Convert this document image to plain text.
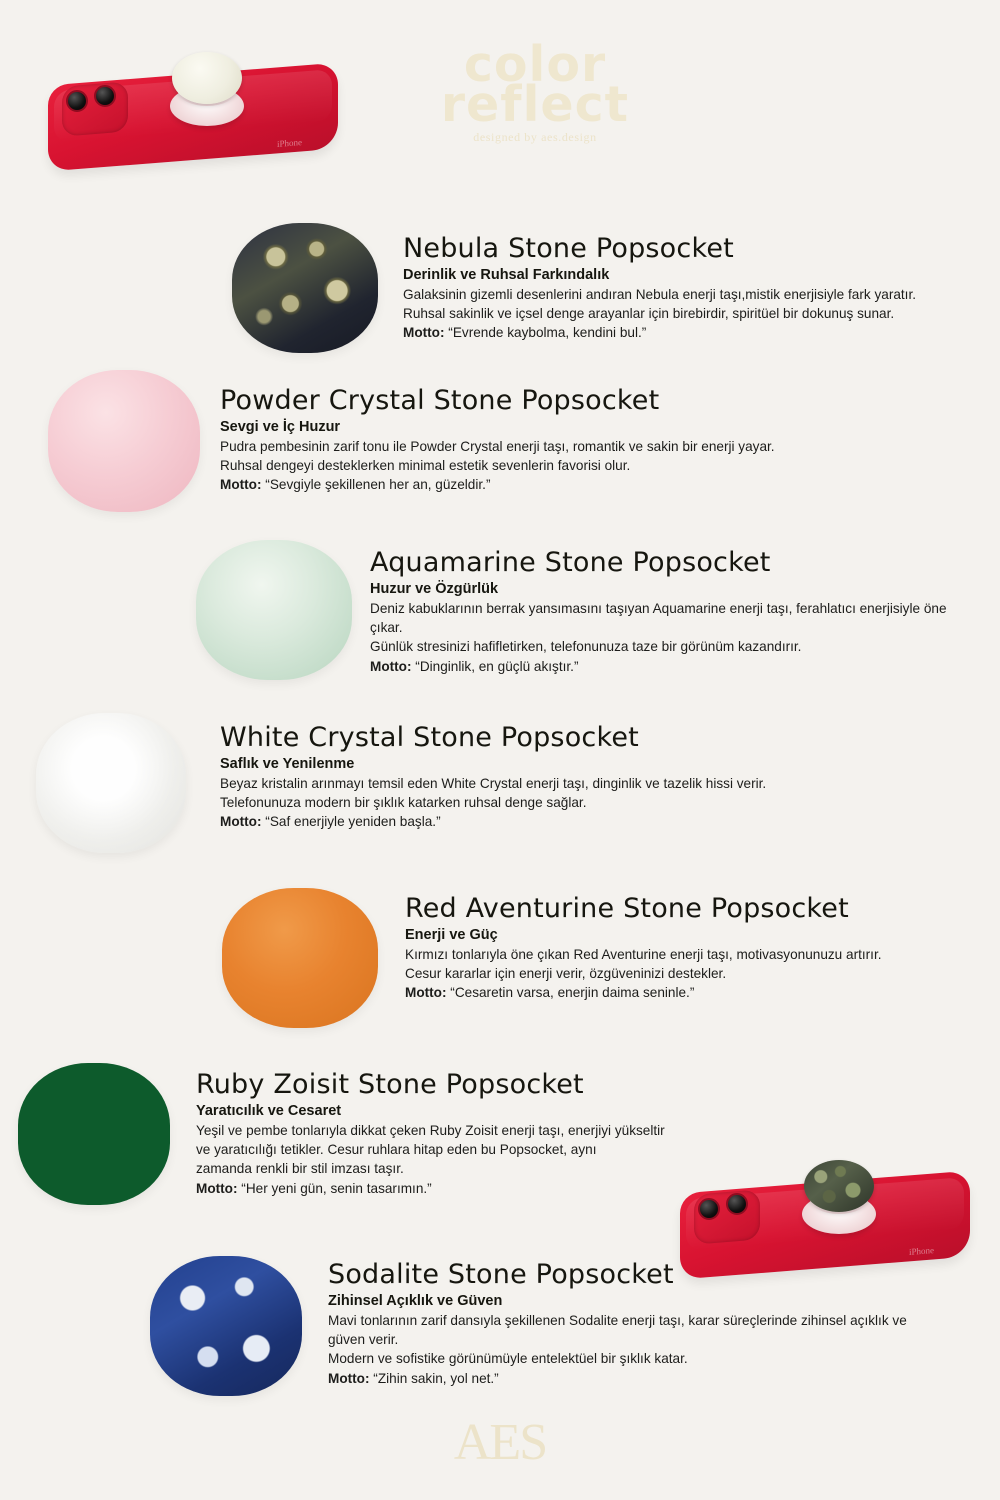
iPhone
color
reflect
designed by aes.design
Nebula Stone Popsocket

Derinlik ve Ruhsal Farkındalık

Galaksinin gizemli desenlerini andıran Nebula enerji taşı,mistik enerjisiyle fark yaratır.

Ruhsal sakinlik ve içsel denge arayanlar için birebirdir, spiritüel bir dokunuş sunar.

Motto: “Evrende kaybolma, kendini bul.”

Powder Crystal Stone Popsocket

Sevgi ve İç Huzur

Pudra pembesinin zarif tonu ile Powder Crystal enerji taşı, romantik ve sakin bir enerji yayar.

Ruhsal dengeyi desteklerken minimal estetik sevenlerin favorisi olur.

Motto: “Sevgiyle şekillenen her an, güzeldir.”

Aquamarine Stone Popsocket

Huzur ve Özgürlük

Deniz kabuklarının berrak yansımasını taşıyan Aquamarine enerji taşı, ferahlatıcı enerjisiyle öne çıkar.

Günlük stresinizi hafifletirken, telefonunuza taze bir görünüm kazandırır.

Motto: “Dinginlik, en güçlü akıştır.”

White Crystal Stone Popsocket

Saflık ve Yenilenme

Beyaz kristalin arınmayı temsil eden White Crystal enerji taşı, dinginlik ve tazelik hissi verir.

Telefonunuza modern bir şıklık katarken ruhsal denge sağlar.

Motto: “Saf enerjiyle yeniden başla.”

Red Aventurine Stone Popsocket

Enerji ve Güç

Kırmızı tonlarıyla öne çıkan Red Aventurine enerji taşı, motivasyonunuzu artırır.

Cesur kararlar için enerji verir, özgüveninizi destekler.

Motto: “Cesaretin varsa, enerjin daima seninle.”

Ruby Zoisit Stone Popsocket

Yaratıcılık ve Cesaret

Yeşil ve pembe tonlarıyla dikkat çeken Ruby Zoisit enerji taşı, enerjiyi yükseltir

ve yaratıcılığı tetikler. Cesur ruhlara hitap eden bu Popsocket, aynı

zamanda renkli bir stil imzası taşır.

Motto: “Her yeni gün, senin tasarımın.”

iPhone
Sodalite Stone Popsocket

Zihinsel Açıklık ve Güven

Mavi tonlarının zarif dansıyla şekillenen Sodalite enerji taşı, karar süreçlerinde zihinsel açıklık ve güven verir.

Modern ve sofistike görünümüyle entelektüel bir şıklık katar.

Motto: “Zihin sakin, yol net.”

AES
